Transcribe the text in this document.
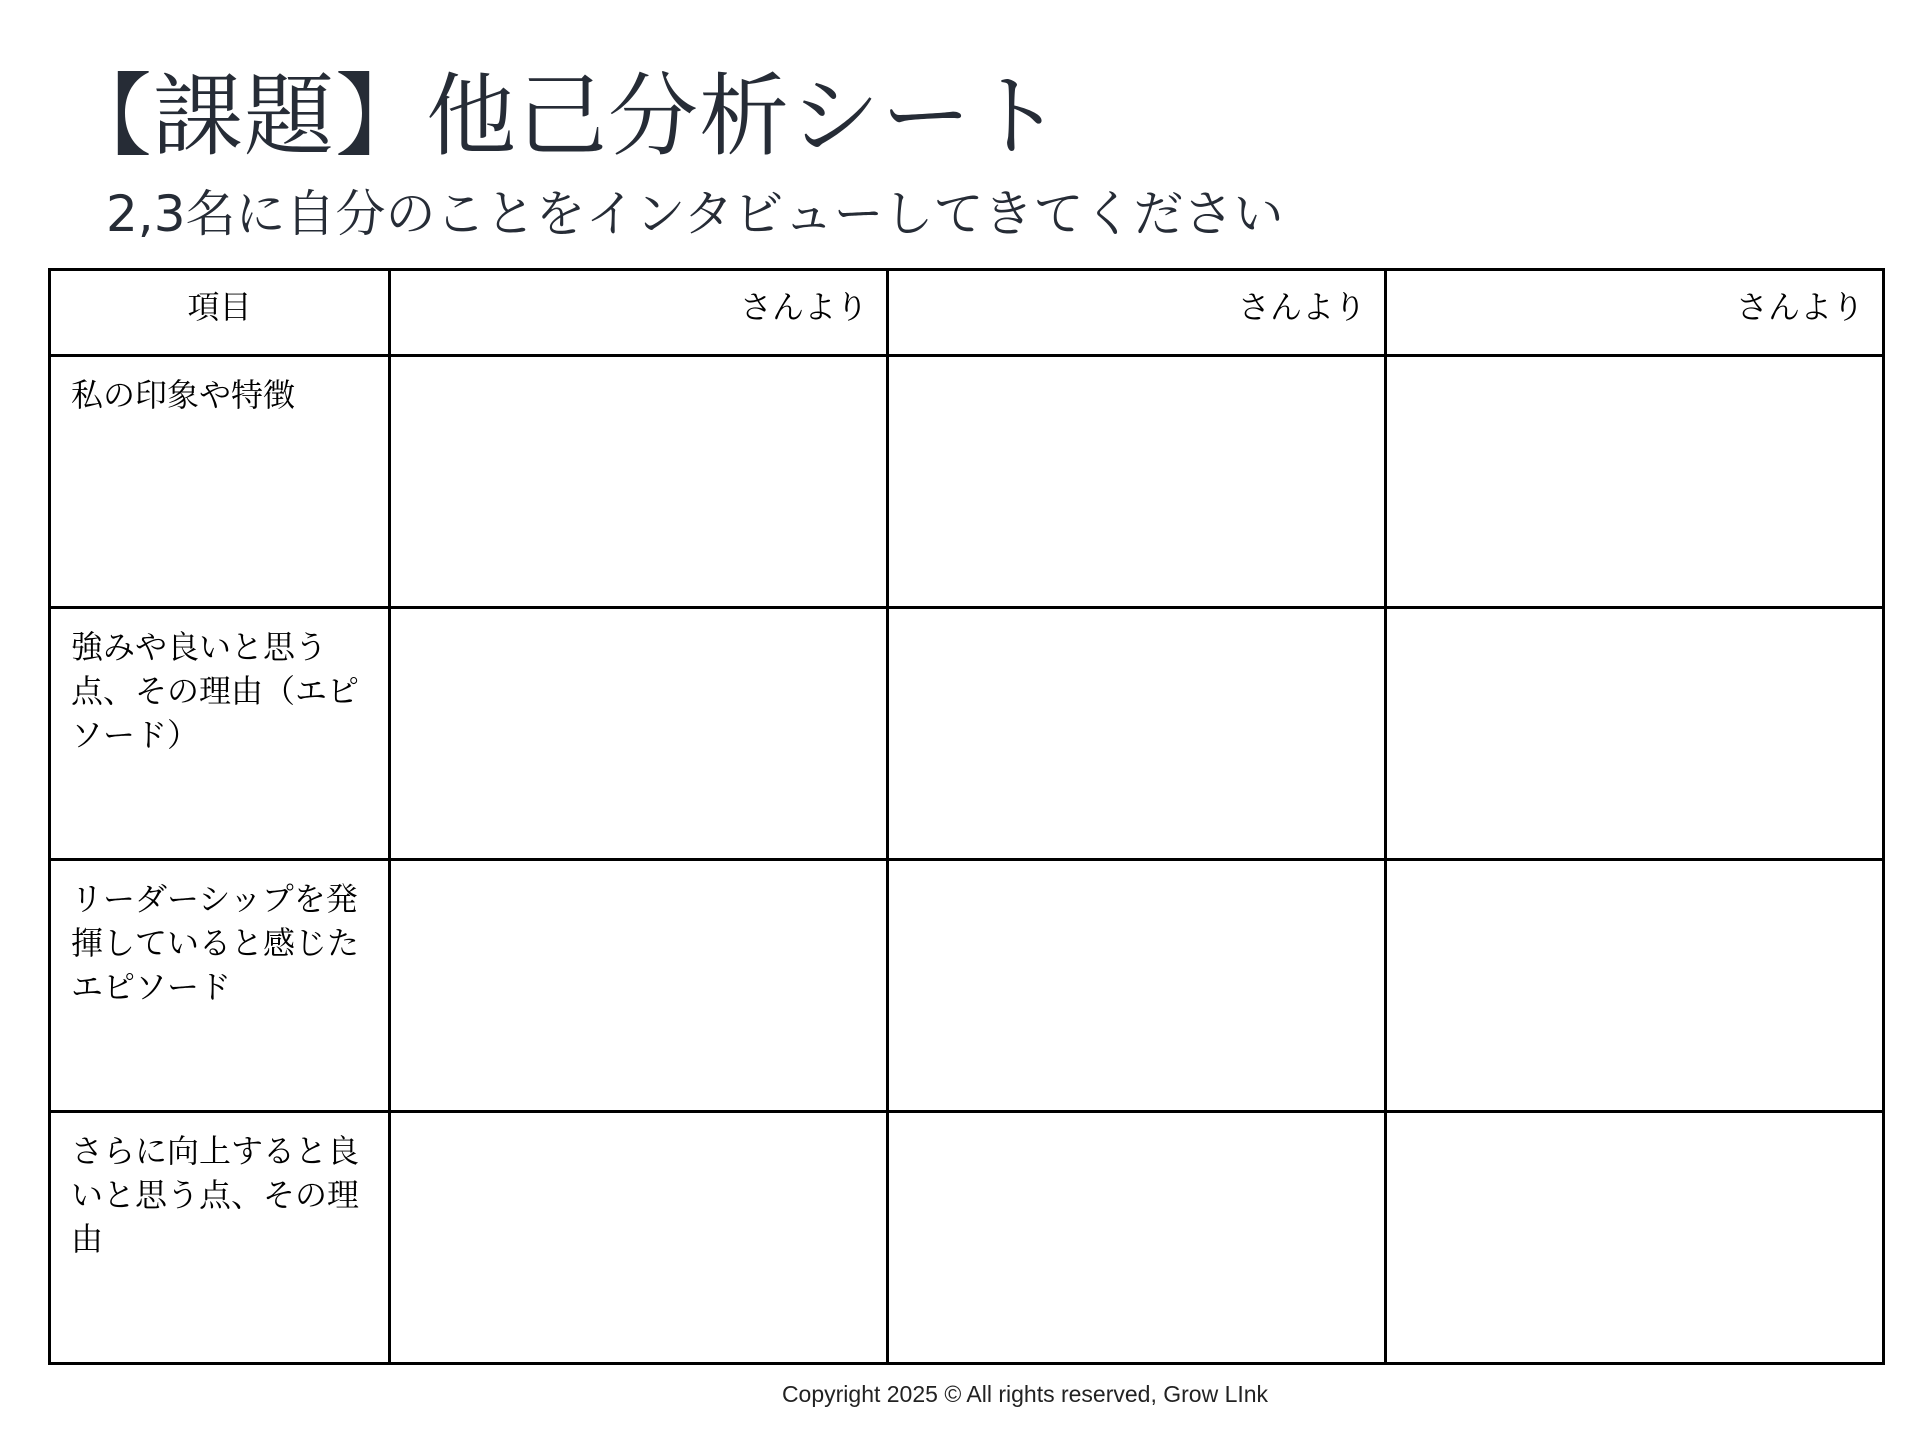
【課題】他己分析シート
2,3名に自分のことをインタビューしてきてください
項目	さんより	さんより	さんより
私の印象や特徴			
強みや良いと思う点、その理由（エピソード）			
リーダーシップを発揮していると感じたエピソード			
さらに向上すると良いと思う点、その理由			
Copyright 2025 © All rights reserved, Grow LInk
